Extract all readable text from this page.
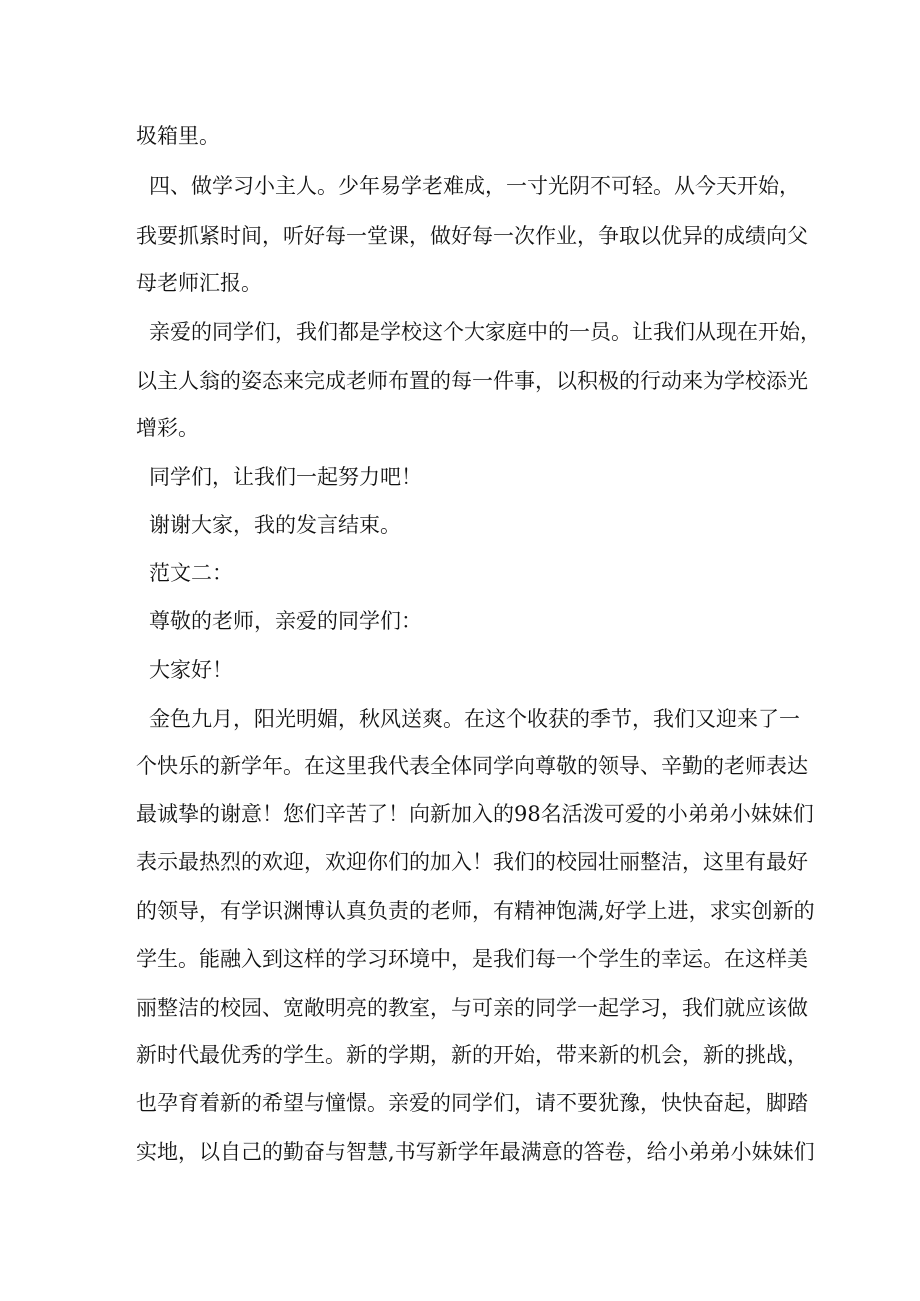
圾箱里。
四、做学习小主人。少年易学老难成，一寸光阴不可轻。从今天开始，
我要抓紧时间，听好每一堂课，做好每一次作业，争取以优异的成绩向父
母老师汇报。
亲爱的同学们，我们都是学校这个大家庭中的一员。让我们从现在开始，
以主人翁的姿态来完成老师布置的每一件事，以积极的行动来为学校添光
增彩。
同学们，让我们一起努力吧！
谢谢大家，我的发言结束。
范文二：
尊敬的老师，亲爱的同学们：
大家好！
金色九月，阳光明媚，秋风送爽。在这个收获的季节，我们又迎来了一
个快乐的新学年。在这里我代表全体同学向尊敬的领导、辛勤的老师表达
最诚挚的谢意！您们辛苦了！向新加入的98名活泼可爱的小弟弟小妹妹们
表示最热烈的欢迎，欢迎你们的加入！我们的校园壮丽整洁，这里有最好
的领导，有学识渊博认真负责的老师，有精神饱满,好学上进，求实创新的
学生。能融入到这样的学习环境中，是我们每一个学生的幸运。在这样美
丽整洁的校园、宽敞明亮的教室，与可亲的同学一起学习，我们就应该做
新时代最优秀的学生。新的学期，新的开始，带来新的机会，新的挑战，
也孕育着新的希望与憧憬。亲爱的同学们，请不要犹豫，快快奋起，脚踏
实地，以自己的勤奋与智慧,书写新学年最满意的答卷，给小弟弟小妹妹们
